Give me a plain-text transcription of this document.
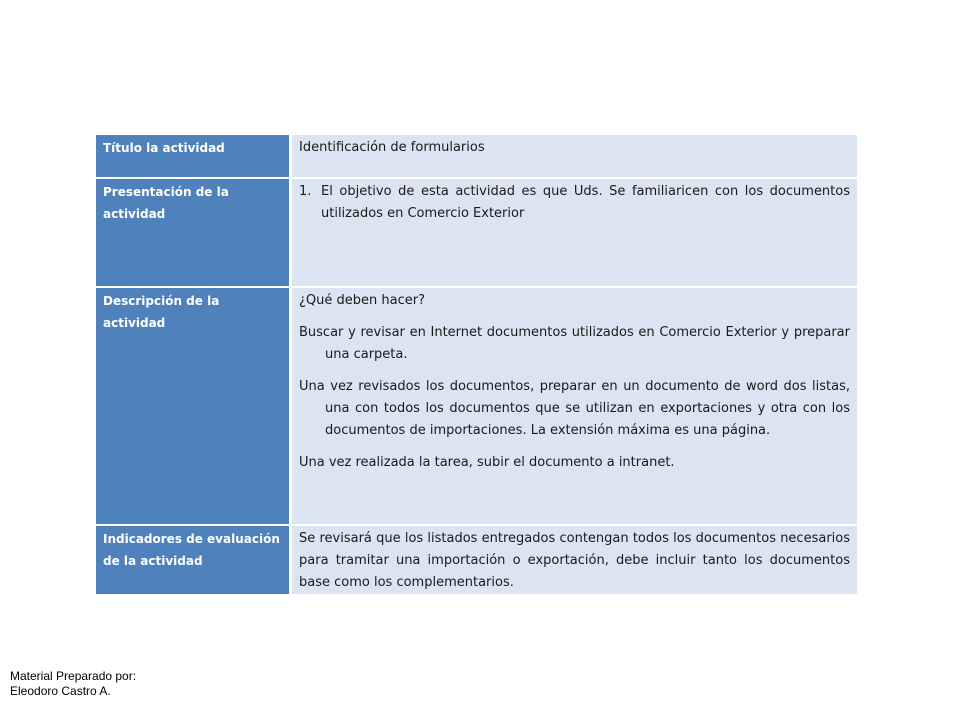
Título la actividad	Identificación de formularios
Presentación de la actividad	1. El objetivo de esta actividad es que Uds. Se familiaricen con los documentos utilizados en Comercio Exterior

Descripción de la actividad	¿Qué deben hacer?

Buscar y revisar en Internet documentos utilizados en Comercio Exterior y preparar una carpeta.

Una vez revisados los documentos, preparar en un documento de word dos listas, una con todos los documentos que se utilizan en exportaciones y otra con los documentos de importaciones. La extensión máxima es una página.

Una vez realizada la tarea, subir el documento a intranet.

Indicadores de evaluación de la actividad	Se revisará que los listados entregados contengan todos los documentos necesarios para tramitar una importación o exportación, debe incluir tanto los documentos base como los complementarios.
Material Preparado por:
Eleodoro Castro A.
